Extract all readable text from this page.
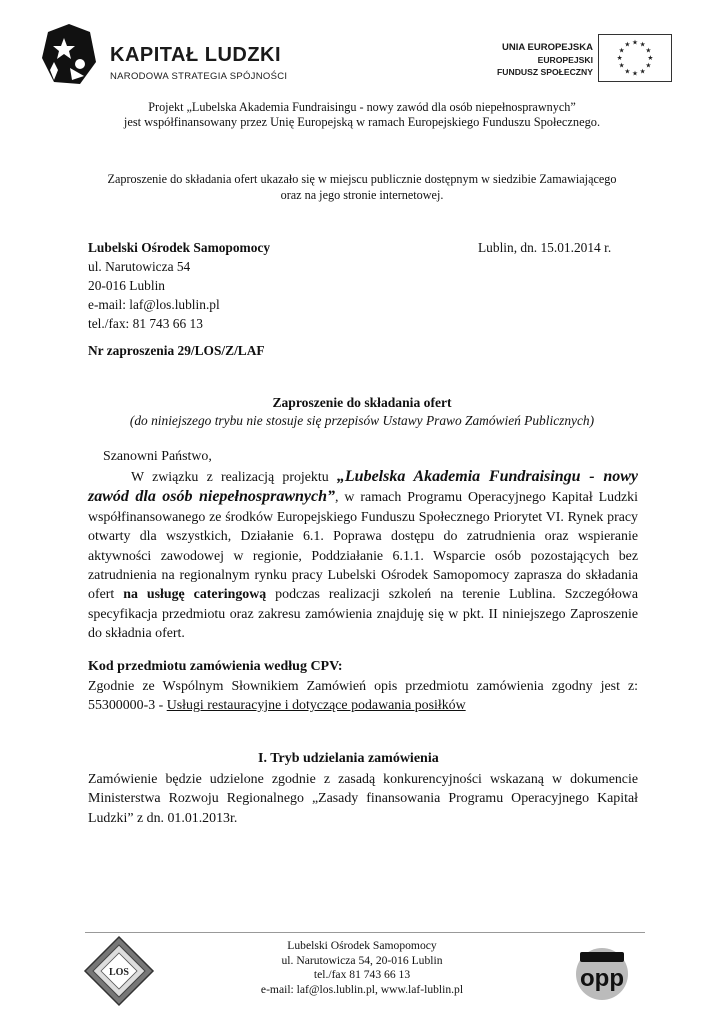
KAPITAŁ LUDZKI
NARODOWA STRATEGIA SPÓJNOŚCI
UNIA EUROPEJSKA
EUROPEJSKI
FUNDUSZ SPOŁECZNY
★ ★
★
★
★
★
★
★
★
★
★
★
Projekt „Lubelska Akademia Fundraisingu - nowy zawód dla osób niepełnosprawnych”
jest współfinansowany przez Unię Europejską w ramach Europejskiego Funduszu Społecznego.
Zaproszenie do składania ofert ukazało się w miejscu publicznie dostępnym w siedzibie Zamawiającego
oraz na jego stronie internetowej.
Lubelski Ośrodek Samopomocy
ul. Narutowicza 54
20-016 Lublin
e-mail: laf@los.lublin.pl
tel./fax: 81 743 66 13
Lublin, dn. 15.01.2014 r.
Nr zaproszenia 29/LOS/Z/LAF
Zaproszenie do składania ofert
(do niniejszego trybu nie stosuje się przepisów Ustawy Prawo Zamówień Publicznych)
Szanowni Państwo,
W związku z realizacją projektu „Lubelska Akademia Fundraisingu - nowy zawód dla osób niepełnosprawnych”, w ramach Programu Operacyjnego Kapitał Ludzki współfinansowanego ze środków Europejskiego Funduszu Społecznego Priorytet VI. Rynek pracy otwarty dla wszystkich, Działanie 6.1. Poprawa dostępu do zatrudnienia oraz wspieranie aktywności zawodowej w regionie, Poddziałanie 6.1.1. Wsparcie osób pozostających bez zatrudnienia na regionalnym rynku pracy Lubelski Ośrodek Samopomocy zaprasza do składania ofert na usługę cateringową podczas realizacji szkoleń na terenie Lublina. Szczegółowa specyfikacja przedmiotu oraz zakresu zamówienia znajduję się w pkt. II niniejszego Zaproszenie do składnia ofert.
Kod przedmiotu zamówienia według CPV:
Zgodnie ze Wspólnym Słownikiem Zamówień opis przedmiotu zamówienia zgodny jest z: 55300000-3 - Usługi restauracyjne i dotyczące podawania posiłków
I. Tryb udzielania zamówienia
Zamówienie będzie udzielone zgodnie z zasadą konkurencyjności wskazaną w dokumencie Ministerstwa Rozwoju Regionalnego „Zasady finansowania Programu Operacyjnego Kapitał Ludzki” z dn. 01.01.2013r.
LOS
Lubelski Ośrodek Samopomocy
ul. Narutowicza 54, 20-016 Lublin
tel./fax 81 743 66 13
e-mail: laf@los.lublin.pl, www.laf-lublin.pl	opp
